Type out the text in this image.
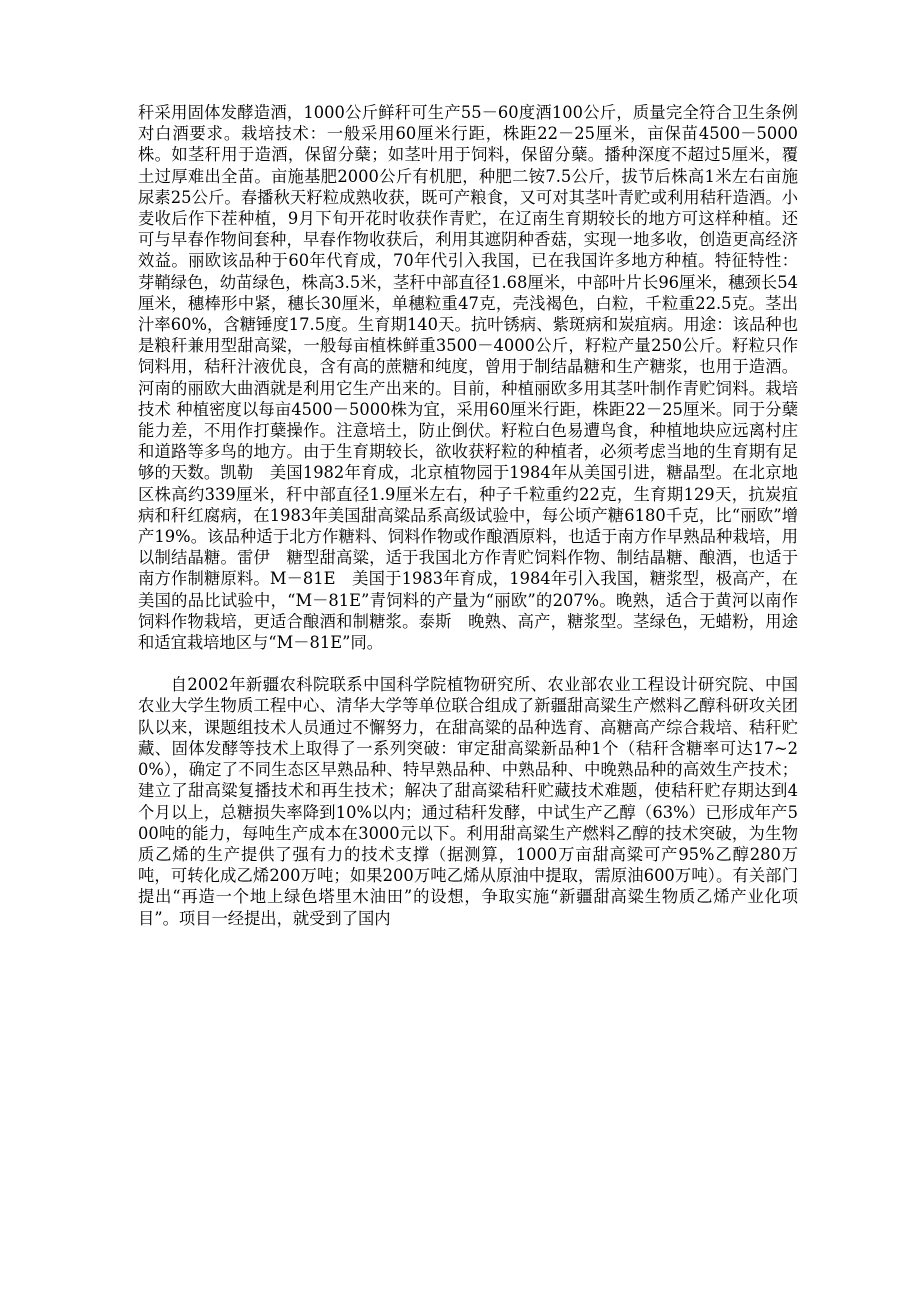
秆采用固体发酵造酒，1000公斤鲜秆可生产55－60度酒100公斤，质量完全符合卫生条例对白酒要求。栽培技术：一般采用60厘米行距，株距22－25厘米，亩保苗4500－5000株。如茎秆用于造酒，保留分蘖；如茎叶用于饲料，保留分蘖。播种深度不超过5厘米，覆土过厚难出全苗。亩施基肥2000公斤有机肥，种肥二铵7.5公斤，拔节后株高1米左右亩施尿素25公斤。春播秋天籽粒成熟收获，既可产粮食，又可对其茎叶青贮或利用秸秆造酒。小麦收后作下茬种植，9月下旬开花时收获作青贮，在辽南生育期较长的地方可这样种植。还可与早春作物间套种，早春作物收获后，利用其遮阴种香菇，实现一地多收，创造更高经济效益。丽欧该品种于60年代育成，70年代引入我国，已在我国许多地方种植。特征特性：芽鞘绿色，幼苗绿色，株高3.5米，茎秆中部直径1.68厘米，中部叶片长96厘米，穗颈长54厘米，穗棒形中紧，穗长30厘米，单穗粒重47克，壳浅褐色，白粒，千粒重22.5克。茎出汁率60%，含糖锤度17.5度。生育期140天。抗叶锈病、紫斑病和炭疽病。用途：该品种也是粮秆兼用型甜高粱，一般每亩植株鲜重3500－4000公斤，籽粒产量250公斤。籽粒只作饲料用，秸秆汁液优良，含有高的蔗糖和纯度，曾用于制结晶糖和生产糖浆，也用于造酒。河南的丽欧大曲酒就是利用它生产出来的。目前，种植丽欧多用其茎叶制作青贮饲料。栽培技术 种植密度以每亩4500－5000株为宜，采用60厘米行距，株距22－25厘米。同于分蘖能力差，不用作打蘖操作。注意培土，防止倒伏。籽粒白色易遭鸟食，种植地块应远离村庄和道路等多鸟的地方。由于生育期较长，欲收获籽粒的种植者，必须考虑当地的生育期有足够的天数。凯勒　美国1982年育成，北京植物园于1984年从美国引进，糖晶型。在北京地区株高约339厘米，秆中部直径1.9厘米左右，种子千粒重约22克，生育期129天，抗炭疽病和秆红腐病，在1983年美国甜高粱品系高级试验中，每公顷产糖6180千克，比“丽欧”增产19%。该品种适于北方作糖料、饲料作物或作酿酒原料，也适于南方作早熟品种栽培，用以制结晶糖。雷伊　糖型甜高粱，适于我国北方作青贮饲料作物、制结晶糖、酿酒，也适于南方作制糖原料。M－81E　美国于1983年育成，1984年引入我国，糖浆型，极高产，在美国的品比试验中，“M－81E”青饲料的产量为“丽欧”的207%。晚熟，适合于黄河以南作饲料作物栽培，更适合酿酒和制糖浆。泰斯　晚熟、高产，糖浆型。茎绿色，无蜡粉，用途和适宜栽培地区与“M－81E”同。

自2002年新疆农科院联系中国科学院植物研究所、农业部农业工程设计研究院、中国农业大学生物质工程中心、清华大学等单位联合组成了新疆甜高粱生产燃料乙醇科研攻关团队以来，课题组技术人员通过不懈努力，在甜高粱的品种选育、高糖高产综合栽培、秸秆贮藏、固体发酵等技术上取得了一系列突破：审定甜高粱新品种1个（秸秆含糖率可达17~20%），确定了不同生态区早熟品种、特早熟品种、中熟品种、中晚熟品种的高效生产技术；建立了甜高粱复播技术和再生技术；解决了甜高粱秸秆贮藏技术难题，使秸秆贮存期达到4个月以上，总糖损失率降到10%以内；通过秸秆发酵，中试生产乙醇（63%）已形成年产500吨的能力，每吨生产成本在3000元以下。利用甜高粱生产燃料乙醇的技术突破，为生物质乙烯的生产提供了强有力的技术支撑（据测算，1000万亩甜高粱可产95%乙醇280万吨，可转化成乙烯200万吨；如果200万吨乙烯从原油中提取，需原油600万吨）。有关部门提出“再造一个地上绿色塔里木油田”的设想，争取实施“新疆甜高粱生物质乙烯产业化项目”。项目一经提出，就受到了国内
